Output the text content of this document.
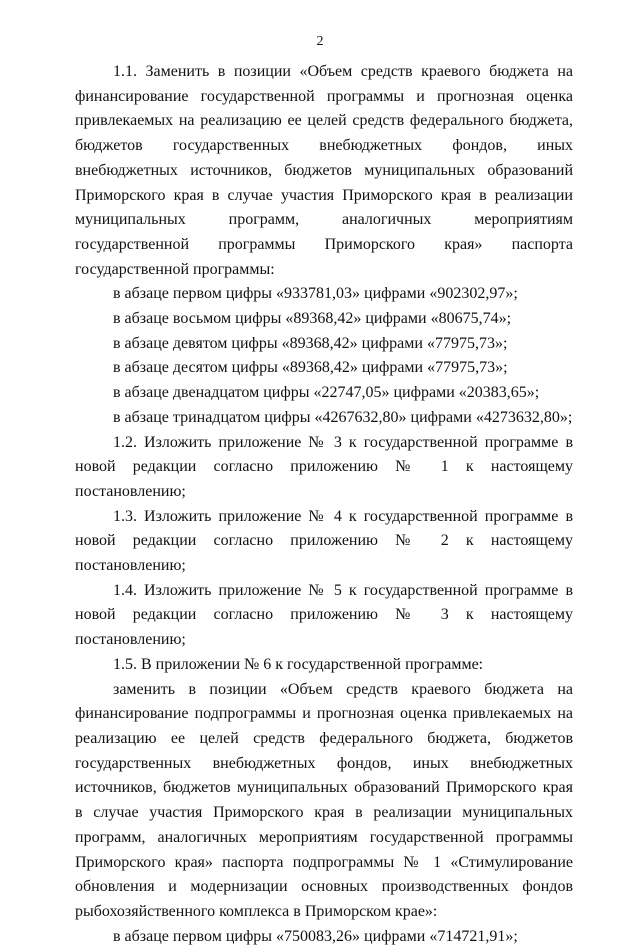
2

1.1. Заменить в позиции «Объем средств краевого бюджета на финансирование государственной программы и прогнозная оценка привлекаемых на реализацию ее целей средств федерального бюджета, бюджетов государственных внебюджетных фондов, иных внебюджетных источников, бюджетов муниципальных образований Приморского края в случае участия Приморского края в реализации муниципальных программ, аналогичных мероприятиям государственной программы Приморского края» паспорта государственной программы:

в абзаце первом цифры «933781,03» цифрами «902302,97»;

в абзаце восьмом цифры «89368,42» цифрами «80675,74»;

в абзаце девятом цифры «89368,42» цифрами «77975,73»;

в абзаце десятом цифры «89368,42» цифрами «77975,73»;

в абзаце двенадцатом цифры «22747,05» цифрами «20383,65»;

в абзаце тринадцатом цифры «4267632,80» цифрами «4273632,80»;

1.2. Изложить приложение № 3 к государственной программе в новой редакции согласно приложению № 1 к настоящему постановлению;

1.3. Изложить приложение № 4 к государственной программе в новой редакции согласно приложению № 2 к настоящему постановлению;

1.4. Изложить приложение № 5 к государственной программе в новой редакции согласно приложению № 3 к настоящему постановлению;

1.5. В приложении № 6 к государственной программе:

заменить в позиции «Объем средств краевого бюджета на финансирование подпрограммы и прогнозная оценка привлекаемых на реализацию ее целей средств федерального бюджета, бюджетов государственных внебюджетных фондов, иных внебюджетных источников, бюджетов муниципальных образований Приморского края в случае участия Приморского края в реализации муниципальных программ, аналогичных мероприятиям государственной программы Приморского края» паспорта подпрограммы № 1 «Стимулирование обновления и модернизации основных производственных фондов рыбохозяйственного комплекса в Приморском крае»:

в абзаце первом цифры «750083,26» цифрами «714721,91»;
